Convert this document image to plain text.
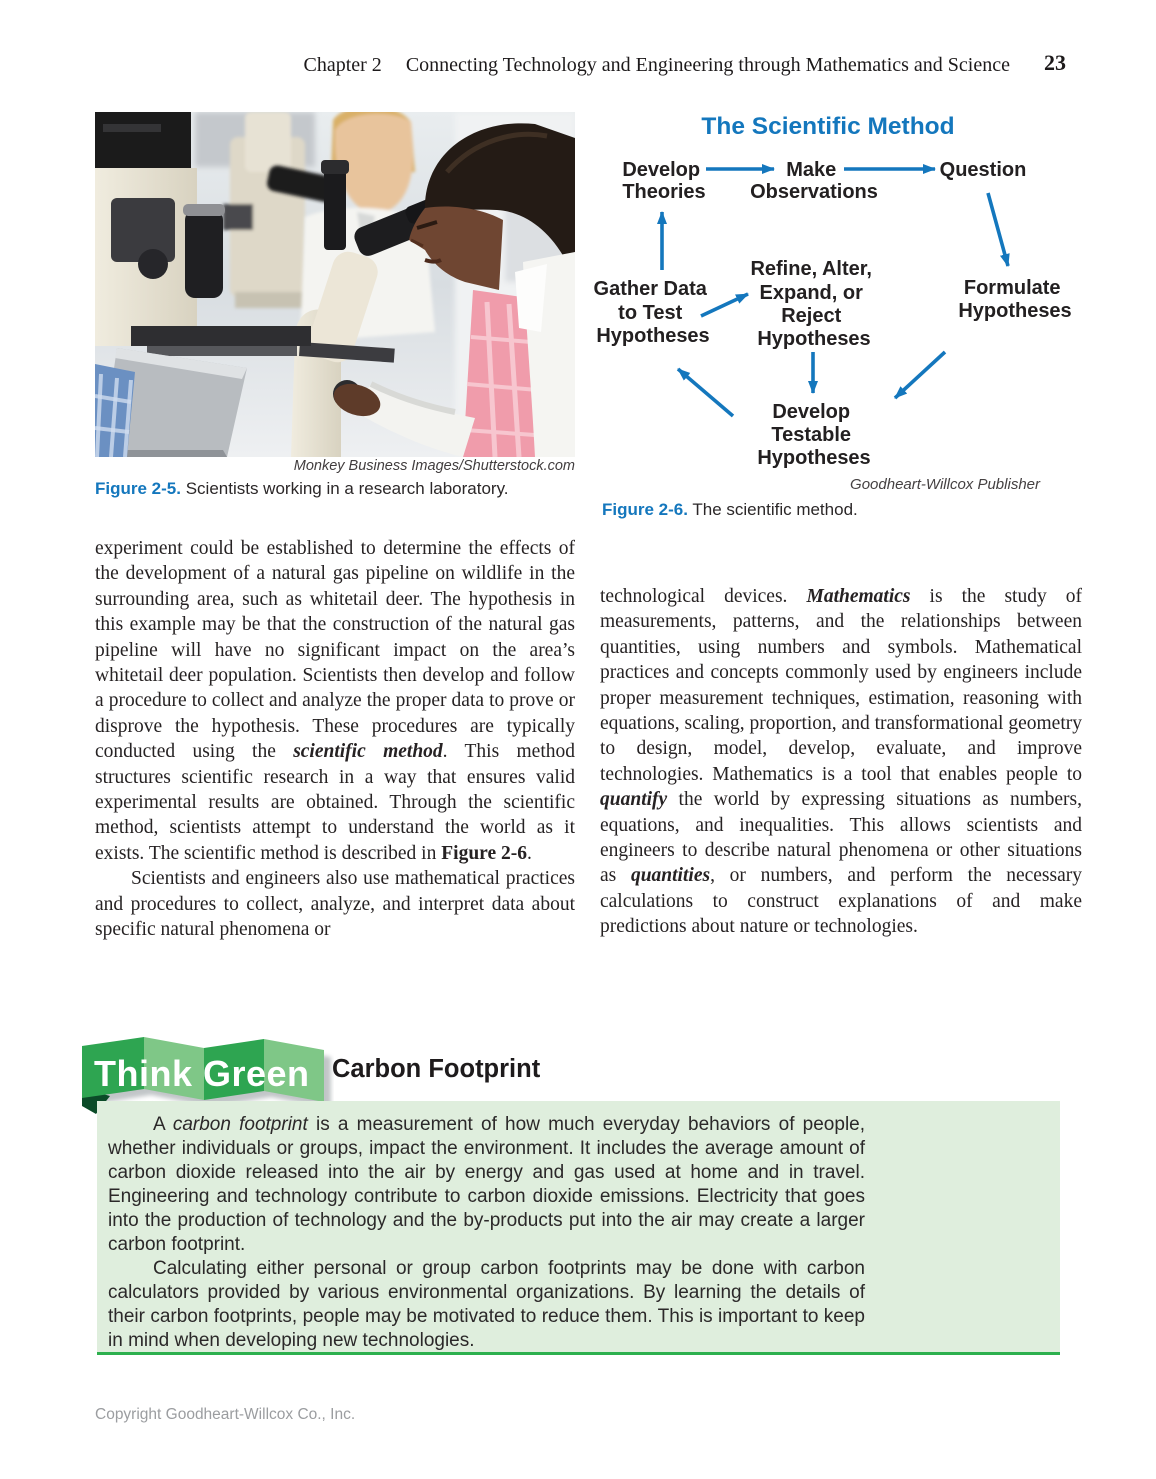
Chapter 2 Connecting Technology and Engineering through Mathematics and Science 23
Monkey Business Images/Shutterstock.com
Figure 2-5. Scientists working in a research laboratory.
The Scientific Method
Develop Theories
Make Observations
Question
Gather Data to Test Hypotheses
Refine, Alter, Expand, or Reject Hypotheses
Formulate Hypotheses
Develop Testable Hypotheses
Goodheart-Willcox Publisher
Figure 2-6. The scientific method.

experiment could be established to determine the effects of the development of a natural gas pipeline on wildlife in the surrounding area, such as whitetail deer. The hypothesis in this example may be that the construction of the natural gas pipeline will have no significant impact on the area’s whitetail deer population. Scientists then develop and follow a procedure to collect and analyze the proper data to prove or disprove the hypothesis. These procedures are typically conducted using the scientific method. This method structures scientific research in a way that ensures valid experimental results are obtained. Through the scientific method, scientists attempt to understand the world as it exists. The scientific method is described in Figure 2-6.

Scientists and engineers also use mathematical practices and procedures to collect, analyze, and interpret data about specific natural phenomena or

technological devices. Mathematics is the study of measurements, patterns, and the relationships between quantities, using numbers and symbols. Mathematical practices and concepts commonly used by engineers include proper measurement techniques, estimation, reasoning with equations, scaling, proportion, and transformational geometry to design, model, develop, evaluate, and improve technologies. Mathematics is a tool that enables people to quantify the world by expressing situations as numbers, equations, and inequalities. This allows scientists and engineers to describe natural phenomena or other situations as quantities, or numbers, and perform the necessary calculations to construct explanations of and make predictions about nature or technologies.

Think Green Carbon Footprint

A carbon footprint is a measurement of how much everyday behaviors of people, whether individuals or groups, impact the environment. It includes the average amount of carbon dioxide released into the air by energy and gas used at home and in travel. Engineering and technology contribute to carbon dioxide emissions. Electricity that goes into the production of technology and the by-products put into the air may create a larger carbon footprint.

Calculating either personal or group carbon footprints may be done with carbon calculators provided by various environmental organizations. By learning the details of their carbon footprints, people may be motivated to reduce them. This is important to keep in mind when developing new technologies.

Copyright Goodheart-Willcox Co., Inc.
